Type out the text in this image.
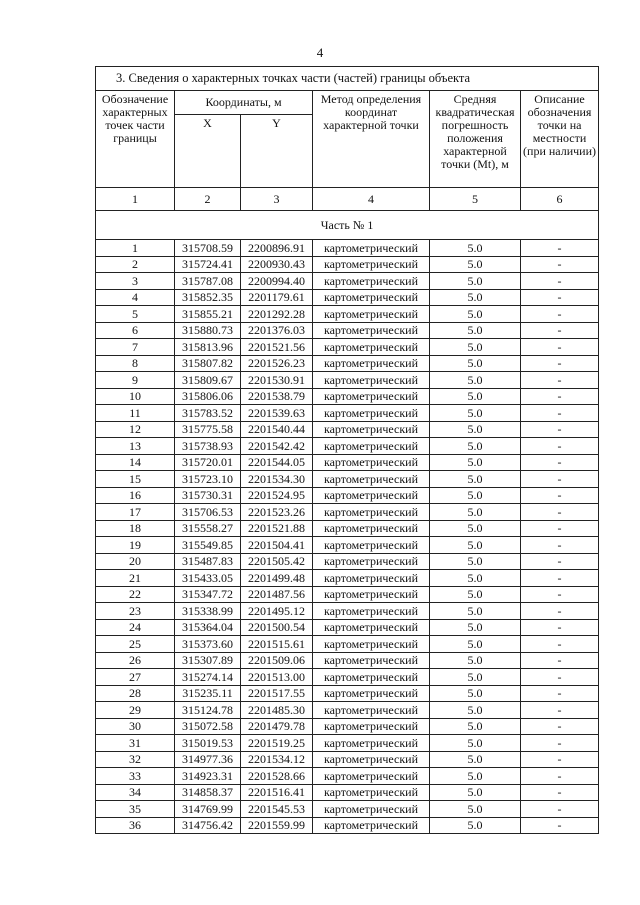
4
3. Сведения о характерных точках части (частей) границы объекта					
Обозначение характерных точек части границы	Координаты, м		Метод определения координат характерной точки	Средняя квадратическая погрешность положения характерной точки (Mt), м	Описание обозначения точки на местности (при наличии)
	X	Y			
1	2	3	4	5	6
Часть № 1					
1	315708.59	2200896.91	картометрический	5.0	-
2	315724.41	2200930.43	картометрический	5.0	-
3	315787.08	2200994.40	картометрический	5.0	-
4	315852.35	2201179.61	картометрический	5.0	-
5	315855.21	2201292.28	картометрический	5.0	-
6	315880.73	2201376.03	картометрический	5.0	-
7	315813.96	2201521.56	картометрический	5.0	-
8	315807.82	2201526.23	картометрический	5.0	-
9	315809.67	2201530.91	картометрический	5.0	-
10	315806.06	2201538.79	картометрический	5.0	-
11	315783.52	2201539.63	картометрический	5.0	-
12	315775.58	2201540.44	картометрический	5.0	-
13	315738.93	2201542.42	картометрический	5.0	-
14	315720.01	2201544.05	картометрический	5.0	-
15	315723.10	2201534.30	картометрический	5.0	-
16	315730.31	2201524.95	картометрический	5.0	-
17	315706.53	2201523.26	картометрический	5.0	-
18	315558.27	2201521.88	картометрический	5.0	-
19	315549.85	2201504.41	картометрический	5.0	-
20	315487.83	2201505.42	картометрический	5.0	-
21	315433.05	2201499.48	картометрический	5.0	-
22	315347.72	2201487.56	картометрический	5.0	-
23	315338.99	2201495.12	картометрический	5.0	-
24	315364.04	2201500.54	картометрический	5.0	-
25	315373.60	2201515.61	картометрический	5.0	-
26	315307.89	2201509.06	картометрический	5.0	-
27	315274.14	2201513.00	картометрический	5.0	-
28	315235.11	2201517.55	картометрический	5.0	-
29	315124.78	2201485.30	картометрический	5.0	-
30	315072.58	2201479.78	картометрический	5.0	-
31	315019.53	2201519.25	картометрический	5.0	-
32	314977.36	2201534.12	картометрический	5.0	-
33	314923.31	2201528.66	картометрический	5.0	-
34	314858.37	2201516.41	картометрический	5.0	-
35	314769.99	2201545.53	картометрический	5.0	-
36	314756.42	2201559.99	картометрический	5.0	-
